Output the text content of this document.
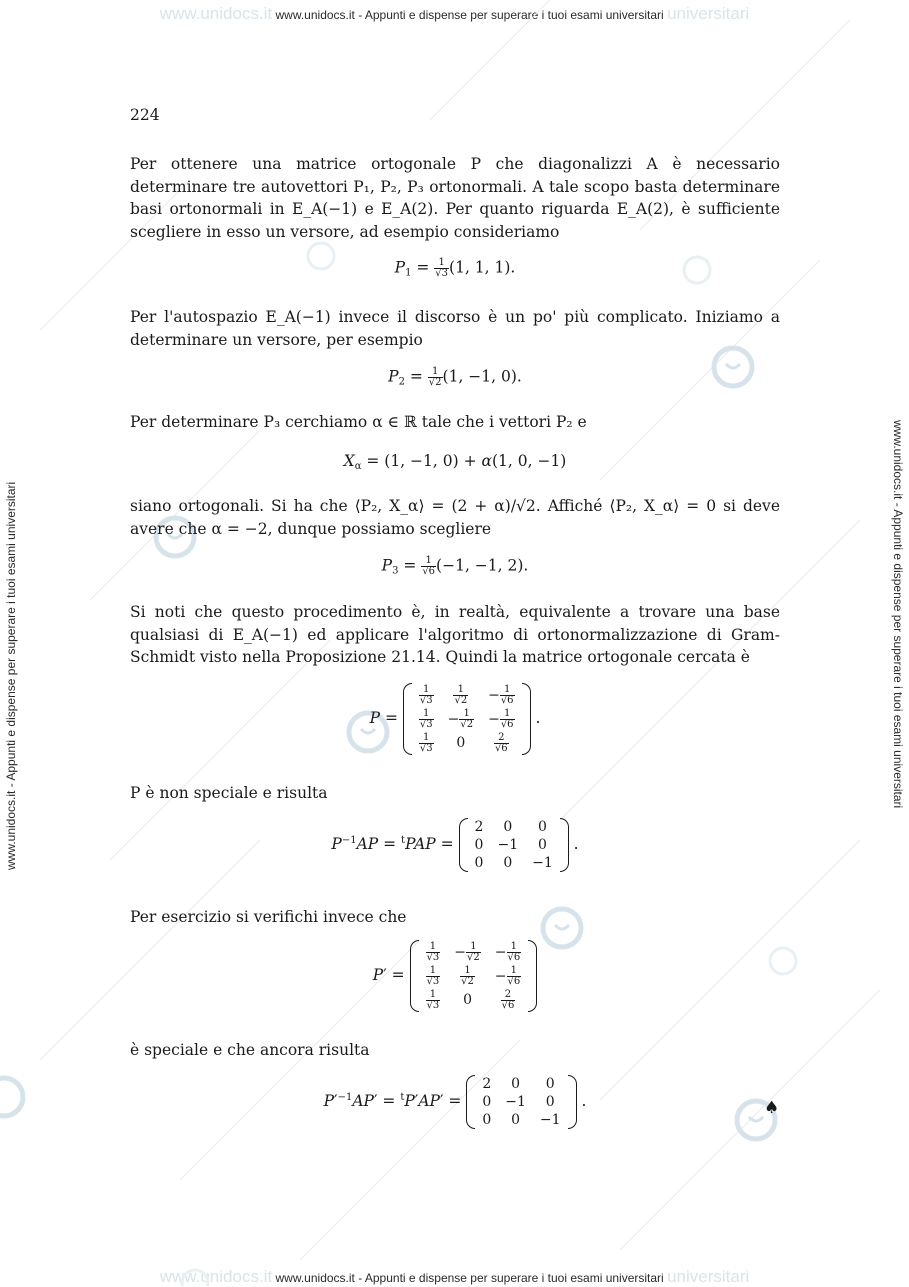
www.unidocs.it www.unidocs.it - Appunti e dispense per superare i tuoi esami universitari universitari
www.unidocs.it www.unidocs.it - Appunti e dispense per superare i tuoi esami universitari universitari
www.unidocs.it - Appunti e dispense per superare i tuoi esami universitari	www.unidocs.it - Appunti e dispense per superare i tuoi esami universitari
224
Per ottenere una matrice ortogonale P che diagonalizzi A è necessario determinare tre autovettori P₁, P₂, P₃ ortonormali. A tale scopo basta determinare basi ortonormali in E_A(−1) e E_A(2). Per quanto riguarda E_A(2), è sufficiente scegliere in esso un versore, ad esempio consideriamo
$P_1 = \frac{1}{√3} (1$, 1, 1).
Per l'autospazio E_A(−1) invece il discorso è un po' più complicato. Iniziamo a determinare un versore, per esempio
$P_2 = \frac{1}{√2} (1$, −1, 0).
Per determinare P₃ cerchiamo α ∈ ℝ tale che i vettori P₂ e
$X_\alpha = (1$, −1, 0) + α(1, 0, −1)
siano ortogonali. Si ha che ⟨P₂, X_α⟩ = (2 + α)/√2. Affiché ⟨P₂, X_α⟩ = 0 si deve avere che α = −2, dunque possiamo scegliere
$P_3 = \frac{1}{√6} (-1$, −1, 2).
Si noti che questo procedimento è, in realtà, equivalente a trovare una base qualsiasi di E_A(−1) ed applicare l'algoritmo di ortonormalizzazione di Gram-Schmidt visto nella Proposizione 21.14. Quindi la matrice ortogonale cercata è
P =
$\frac{1}{√3}$	$\frac{1}{√2}$	− $\frac{1}{√6}$

$\frac{1}{√3}$	− $\frac{1}{√2}$	− $\frac{1}{√6}$

$\frac{1}{√3}$	0	$\frac{2}{√6}$
.
P è non speciale e risulta
$P^{-1}AP = ^tPAP$ =
2	0	0
0	−1	0
0	0	−1
.
Per esercizio si verifichi invece che
P′ =
$\frac{1}{√3}$	− $\frac{1}{√2}$	− $\frac{1}{√6}$

$\frac{1}{√3}$	$\frac{1}{√2}$	− $\frac{1}{√6}$

$\frac{1}{√3}$	0	$\frac{2}{√6}$
è speciale e che ancora risulta
$P'^{-1}AP' = ^tP'AP'$ =
2	0	0
0	−1	0
0	0	−1
.	♠
